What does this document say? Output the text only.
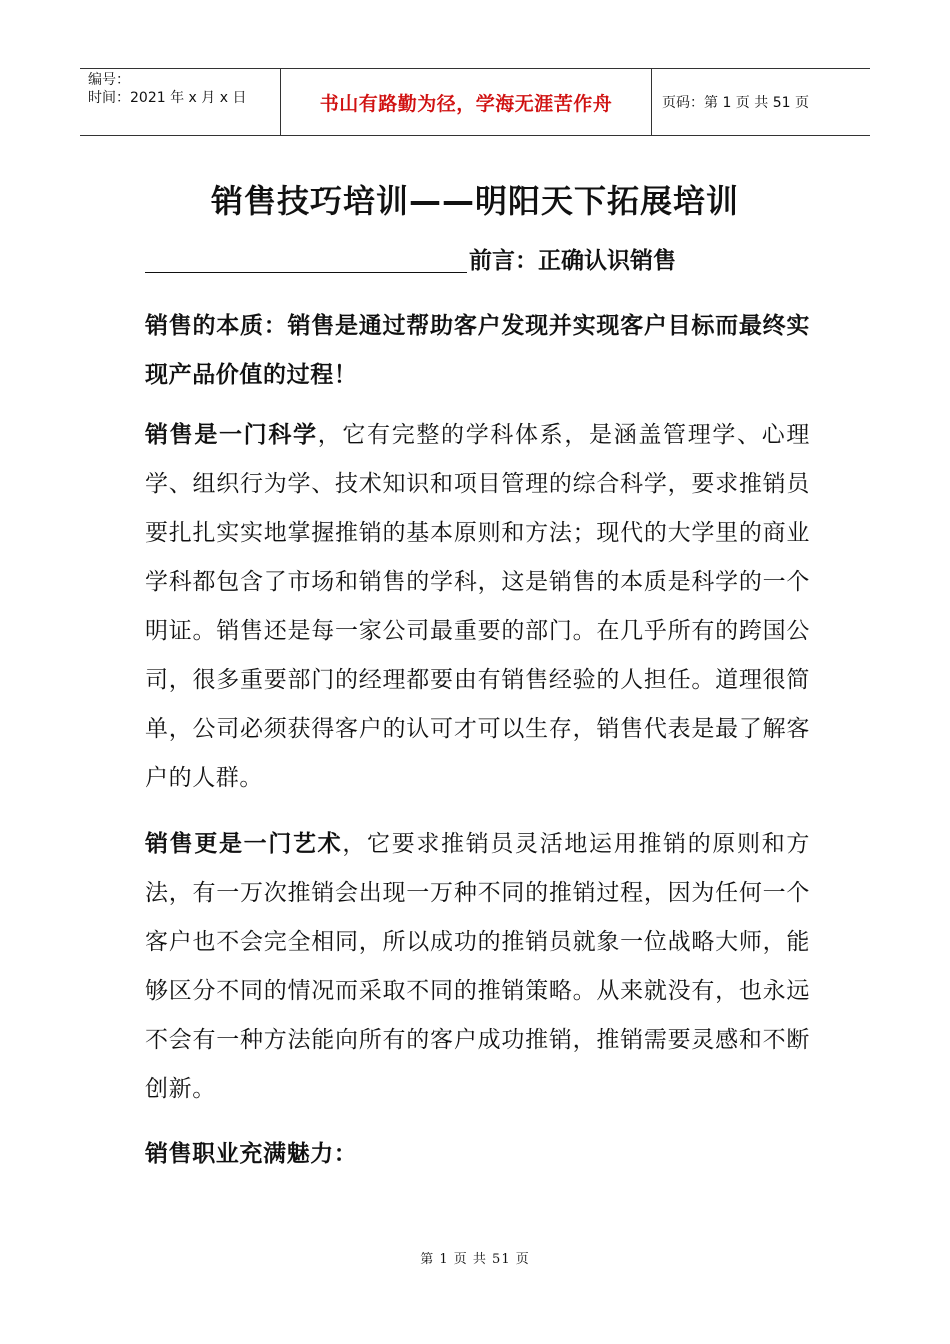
编号：
时间：2021 年 x 月 x 日	书山有路勤为径，学海无涯苦作舟	页码：第 1 页 共 51 页
销售技巧培训——明阳天下拓展培训
前言：正确认识销售
销售的本质：销售是通过帮助客户发现并实现客户目标而最终实现产品价值的过程！
销售是一门科学，它有完整的学科体系，是涵盖管理学、心理学、组织行为学、技术知识和项目管理的综合科学，要求推销员要扎扎实实地掌握推销的基本原则和方法；现代的大学里的商业学科都包含了市场和销售的学科，这是销售的本质是科学的一个明证。销售还是每一家公司最重要的部门。在几乎所有的跨国公司，很多重要部门的经理都要由有销售经验的人担任。道理很简单，公司必须获得客户的认可才可以生存，销售代表是最了解客户的人群。
销售更是一门艺术，它要求推销员灵活地运用推销的原则和方法，有一万次推销会出现一万种不同的推销过程，因为任何一个客户也不会完全相同，所以成功的推销员就象一位战略大师，能够区分不同的情况而采取不同的推销策略。从来就没有，也永远不会有一种方法能向所有的客户成功推销，推销需要灵感和不断创新。
销售职业充满魅力：
第 1 页 共 51 页
